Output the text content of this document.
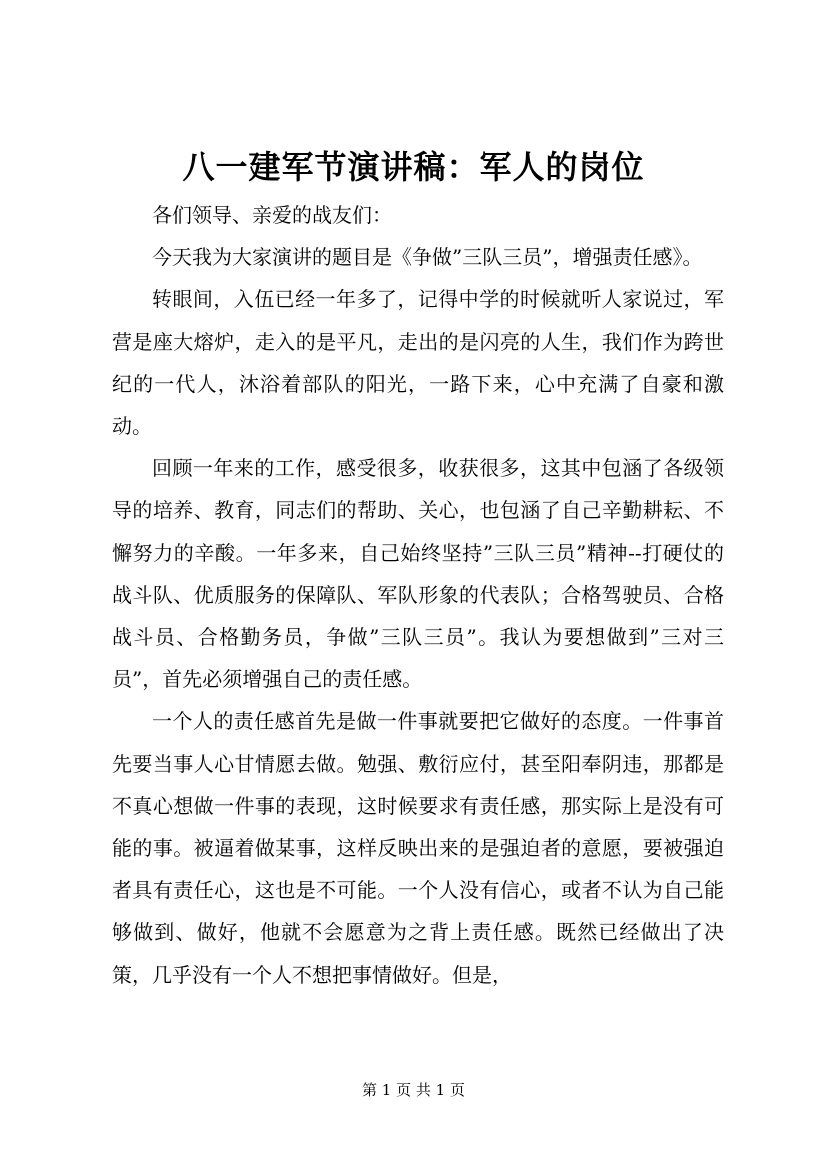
八一建军节演讲稿：军人的岗位

各们领导、亲爱的战友们：

今天我为大家演讲的题目是《争做”三队三员”，增强责任感》。

转眼间，入伍已经一年多了，记得中学的时候就听人家说过，军营是座大熔炉，走入的是平凡，走出的是闪亮的人生，我们作为跨世纪的一代人，沐浴着部队的阳光，一路下来，心中充满了自豪和激动。

回顾一年来的工作，感受很多，收获很多，这其中包涵了各级领导的培养、教育，同志们的帮助、关心，也包涵了自己辛勤耕耘、不懈努力的辛酸。一年多来，自己始终坚持”三队三员”精神--打硬仗的战斗队、优质服务的保障队、军队形象的代表队；合格驾驶员、合格战斗员、合格勤务员，争做”三队三员”。我认为要想做到”三对三员”，首先必须增强自己的责任感。

一个人的责任感首先是做一件事就要把它做好的态度。一件事首先要当事人心甘情愿去做。勉强、敷衍应付，甚至阳奉阴违，那都是不真心想做一件事的表现，这时候要求有责任感，那实际上是没有可能的事。被逼着做某事，这样反映出来的是强迫者的意愿，要被强迫者具有责任心，这也是不可能。一个人没有信心，或者不认为自己能够做到、做好，他就不会愿意为之背上责任感。既然已经做出了决策，几乎没有一个人不想把事情做好。但是，

第 1 页 共 1 页
